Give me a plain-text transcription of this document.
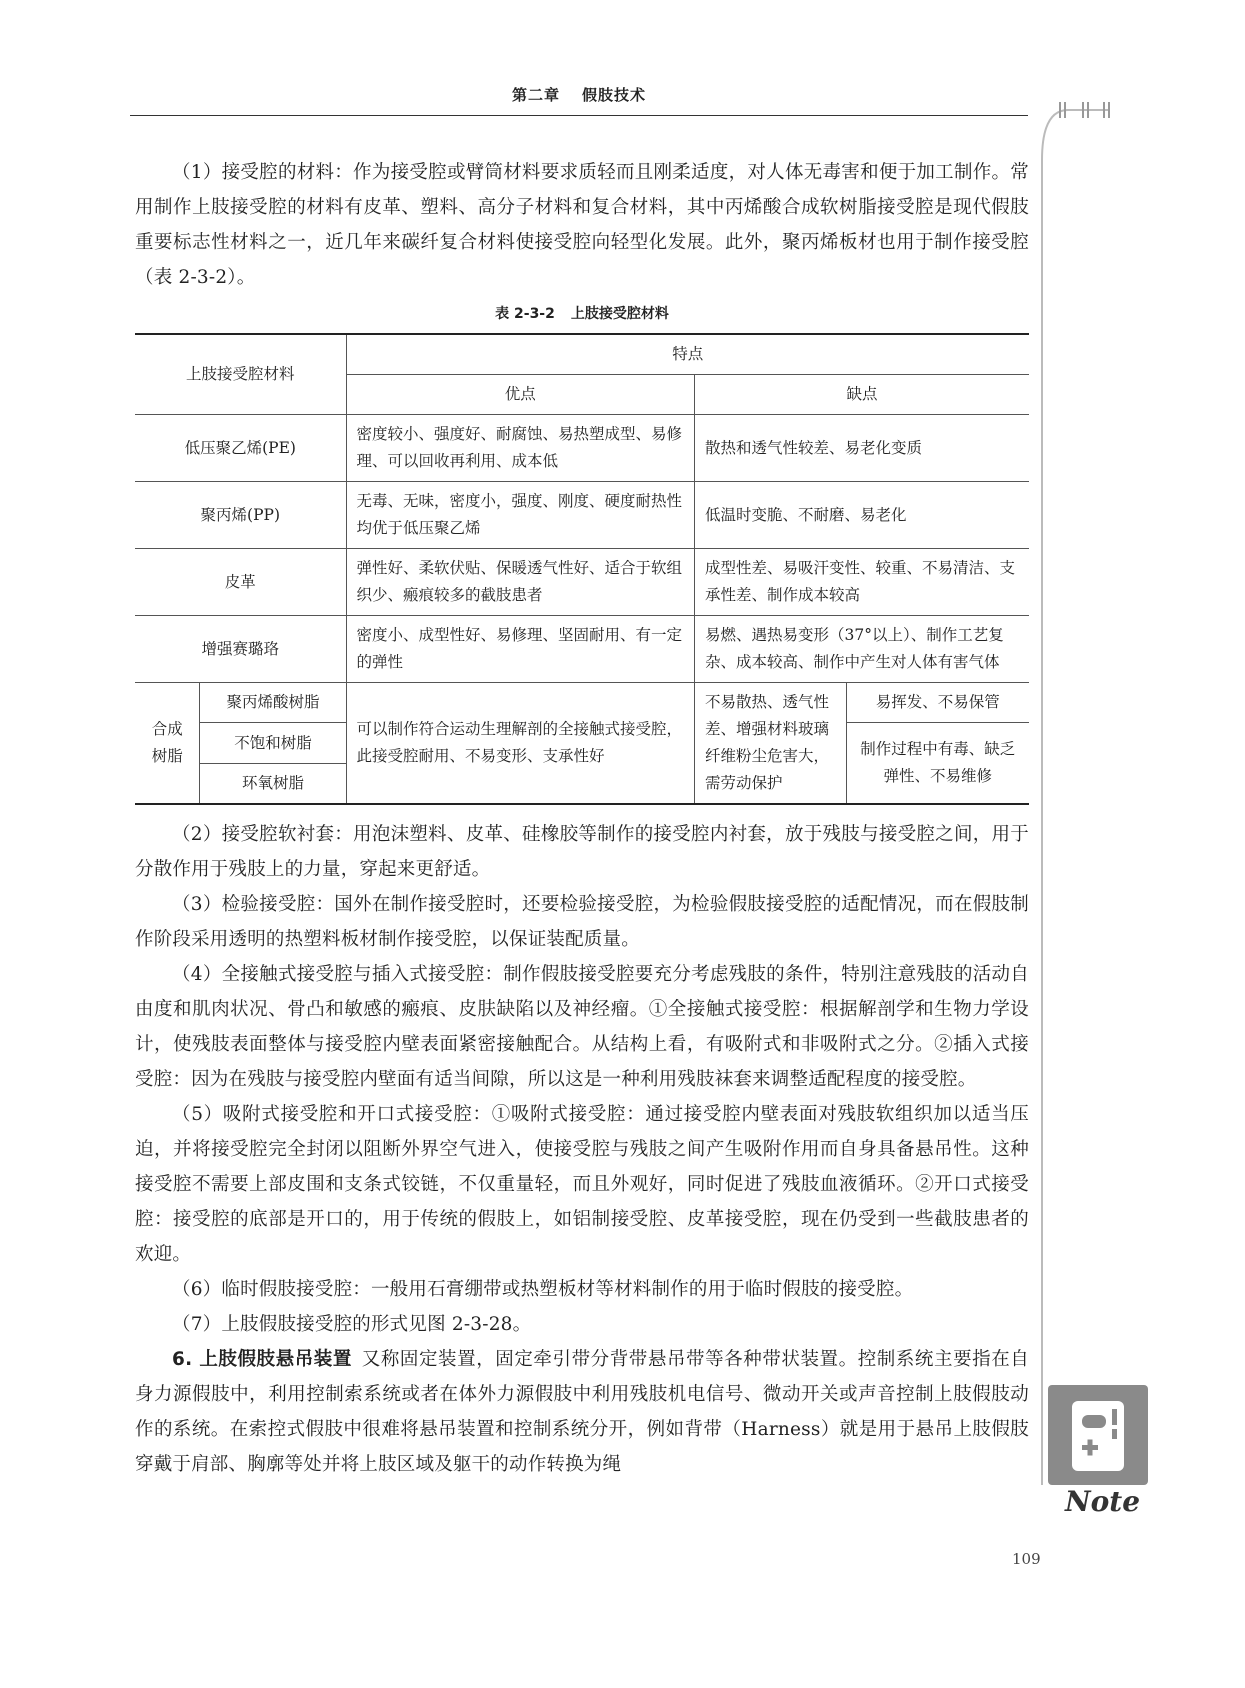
第二章 假肢技术

（1）接受腔的材料：作为接受腔或臂筒材料要求质轻而且刚柔适度，对人体无毒害和便于加工制作。常用制作上肢接受腔的材料有皮革、塑料、高分子材料和复合材料，其中丙烯酸合成软树脂接受腔是现代假肢重要标志性材料之一，近几年来碳纤复合材料使接受腔向轻型化发展。此外，聚丙烯板材也用于制作接受腔（表 2-3-2）。

表 2-3-2 上肢接受腔材料
上肢接受腔材料		特点		
		优点	缺点	
低压聚乙烯(PE)		密度较小、强度好、耐腐蚀、易热塑成型、易修理、可以回收再利用、成本低	散热和透气性较差、易老化变质	
聚丙烯(PP)		无毒、无味，密度小，强度、刚度、硬度耐热性均优于低压聚乙烯	低温时变脆、不耐磨、易老化	
皮革		弹性好、柔软伏贴、保暖透气性好、适合于软组织少、瘢痕较多的截肢患者	成型性差、易吸汗变性、较重、不易清洁、支承性差、制作成本较高	
增强赛璐珞		密度小、成型性好、易修理、坚固耐用、有一定的弹性	易燃、遇热易变形（37°以上）、制作工艺复杂、成本较高、制作中产生对人体有害气体	
合成树脂	聚丙烯酸树脂	可以制作符合运动生理解剖的全接触式接受腔，此接受腔耐用、不易变形、支承性好	不易散热、透气性差、增强材料玻璃纤维粉尘危害大，需劳动保护	易挥发、不易保管
	不饱和树脂			制作过程中有毒、缺乏弹性、不易维修
	环氧树脂			

（2）接受腔软衬套：用泡沫塑料、皮革、硅橡胶等制作的接受腔内衬套，放于残肢与接受腔之间，用于分散作用于残肢上的力量，穿起来更舒适。

（3）检验接受腔：国外在制作接受腔时，还要检验接受腔，为检验假肢接受腔的适配情况，而在假肢制作阶段采用透明的热塑料板材制作接受腔，以保证装配质量。

（4）全接触式接受腔与插入式接受腔：制作假肢接受腔要充分考虑残肢的条件，特别注意残肢的活动自由度和肌肉状况、骨凸和敏感的瘢痕、皮肤缺陷以及神经瘤。①全接触式接受腔：根据解剖学和生物力学设计，使残肢表面整体与接受腔内壁表面紧密接触配合。从结构上看，有吸附式和非吸附式之分。②插入式接受腔：因为在残肢与接受腔内壁面有适当间隙，所以这是一种利用残肢袜套来调整适配程度的接受腔。

（5）吸附式接受腔和开口式接受腔：①吸附式接受腔：通过接受腔内壁表面对残肢软组织加以适当压迫，并将接受腔完全封闭以阻断外界空气进入，使接受腔与残肢之间产生吸附作用而自身具备悬吊性。这种接受腔不需要上部皮围和支条式铰链，不仅重量轻，而且外观好，同时促进了残肢血液循环。②开口式接受腔：接受腔的底部是开口的，用于传统的假肢上，如铝制接受腔、皮革接受腔，现在仍受到一些截肢患者的欢迎。

（6）临时假肢接受腔：一般用石膏绷带或热塑板材等材料制作的用于临时假肢的接受腔。

（7）上肢假肢接受腔的形式见图 2-3-28。

6. 上肢假肢悬吊装置  又称固定装置，固定牵引带分背带悬吊带等各种带状装置。控制系统主要指在自身力源假肢中，利用控制索系统或者在体外力源假肢中利用残肢机电信号、微动开关或声音控制上肢假肢动作的系统。在索控式假肢中很难将悬吊装置和控制系统分开，例如背带（Harness）就是用于悬吊上肢假肢穿戴于肩部、胸廓等处并将上肢区域及躯干的动作转换为绳

Note
109
